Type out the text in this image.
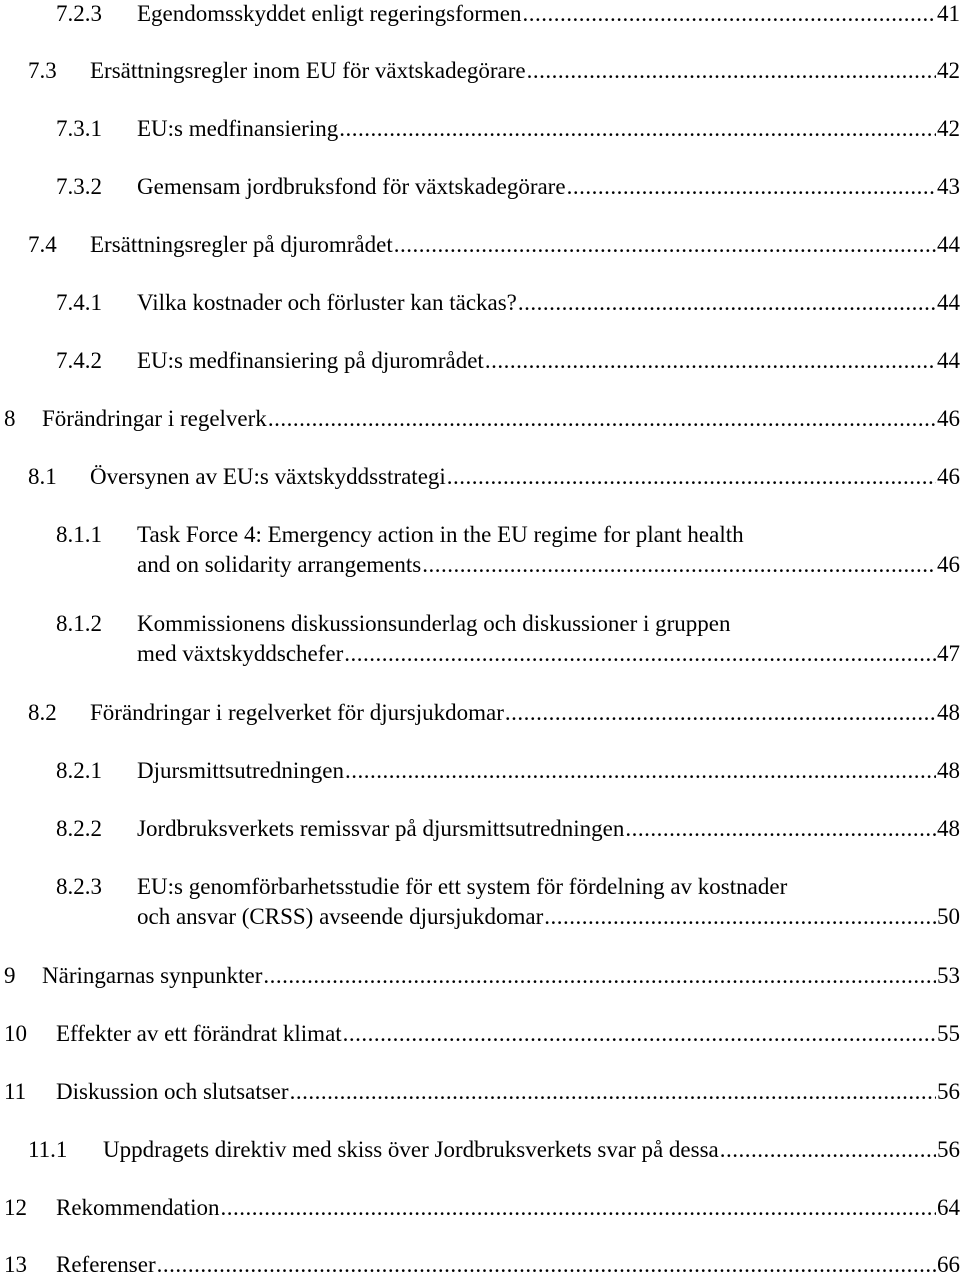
7.2.3 Egendomsskyddet enligt regeringsformen .....	41
7.3 Ersättningsregler inom EU för växtskadegörare .....	42
7.3.1 EU:s medfinansiering .....	42
7.3.2 Gemensam jordbruksfond för växtskadegörare .....	43
7.4 Ersättningsregler på djurområdet .....	44
7.4.1 Vilka kostnader och förluster kan täckas? .....	44
7.4.2 EU:s medfinansiering på djurområdet .....	44
8 Förändringar i regelverk .....	46
8.1 Översynen av EU:s växtskyddsstrategi .....	46
8.1.1 Task Force 4: Emergency action in the EU regime for plant health
and on solidarity arrangements .....	46
8.1.2 Kommissionens diskussionsunderlag och diskussioner i gruppen
med växtskyddschefer .....	47
8.2 Förändringar i regelverket för djursjukdomar .....	48
8.2.1 Djursmittsutredningen .....	48
8.2.2 Jordbruksverkets remissvar på djursmittsutredningen .....	48
8.2.3 EU:s genomförbarhetsstudie för ett system för fördelning av kostnader
och ansvar (CRSS) avseende djursjukdomar .....	50
9 Näringarnas synpunkter .....	53
10 Effekter av ett förändrat klimat .....	55
11 Diskussion och slutsatser .....	56
11.1 Uppdragets direktiv med skiss över Jordbruksverkets svar på dessa .....	56
12 Rekommendation .....	64
13 Referenser .....	66
